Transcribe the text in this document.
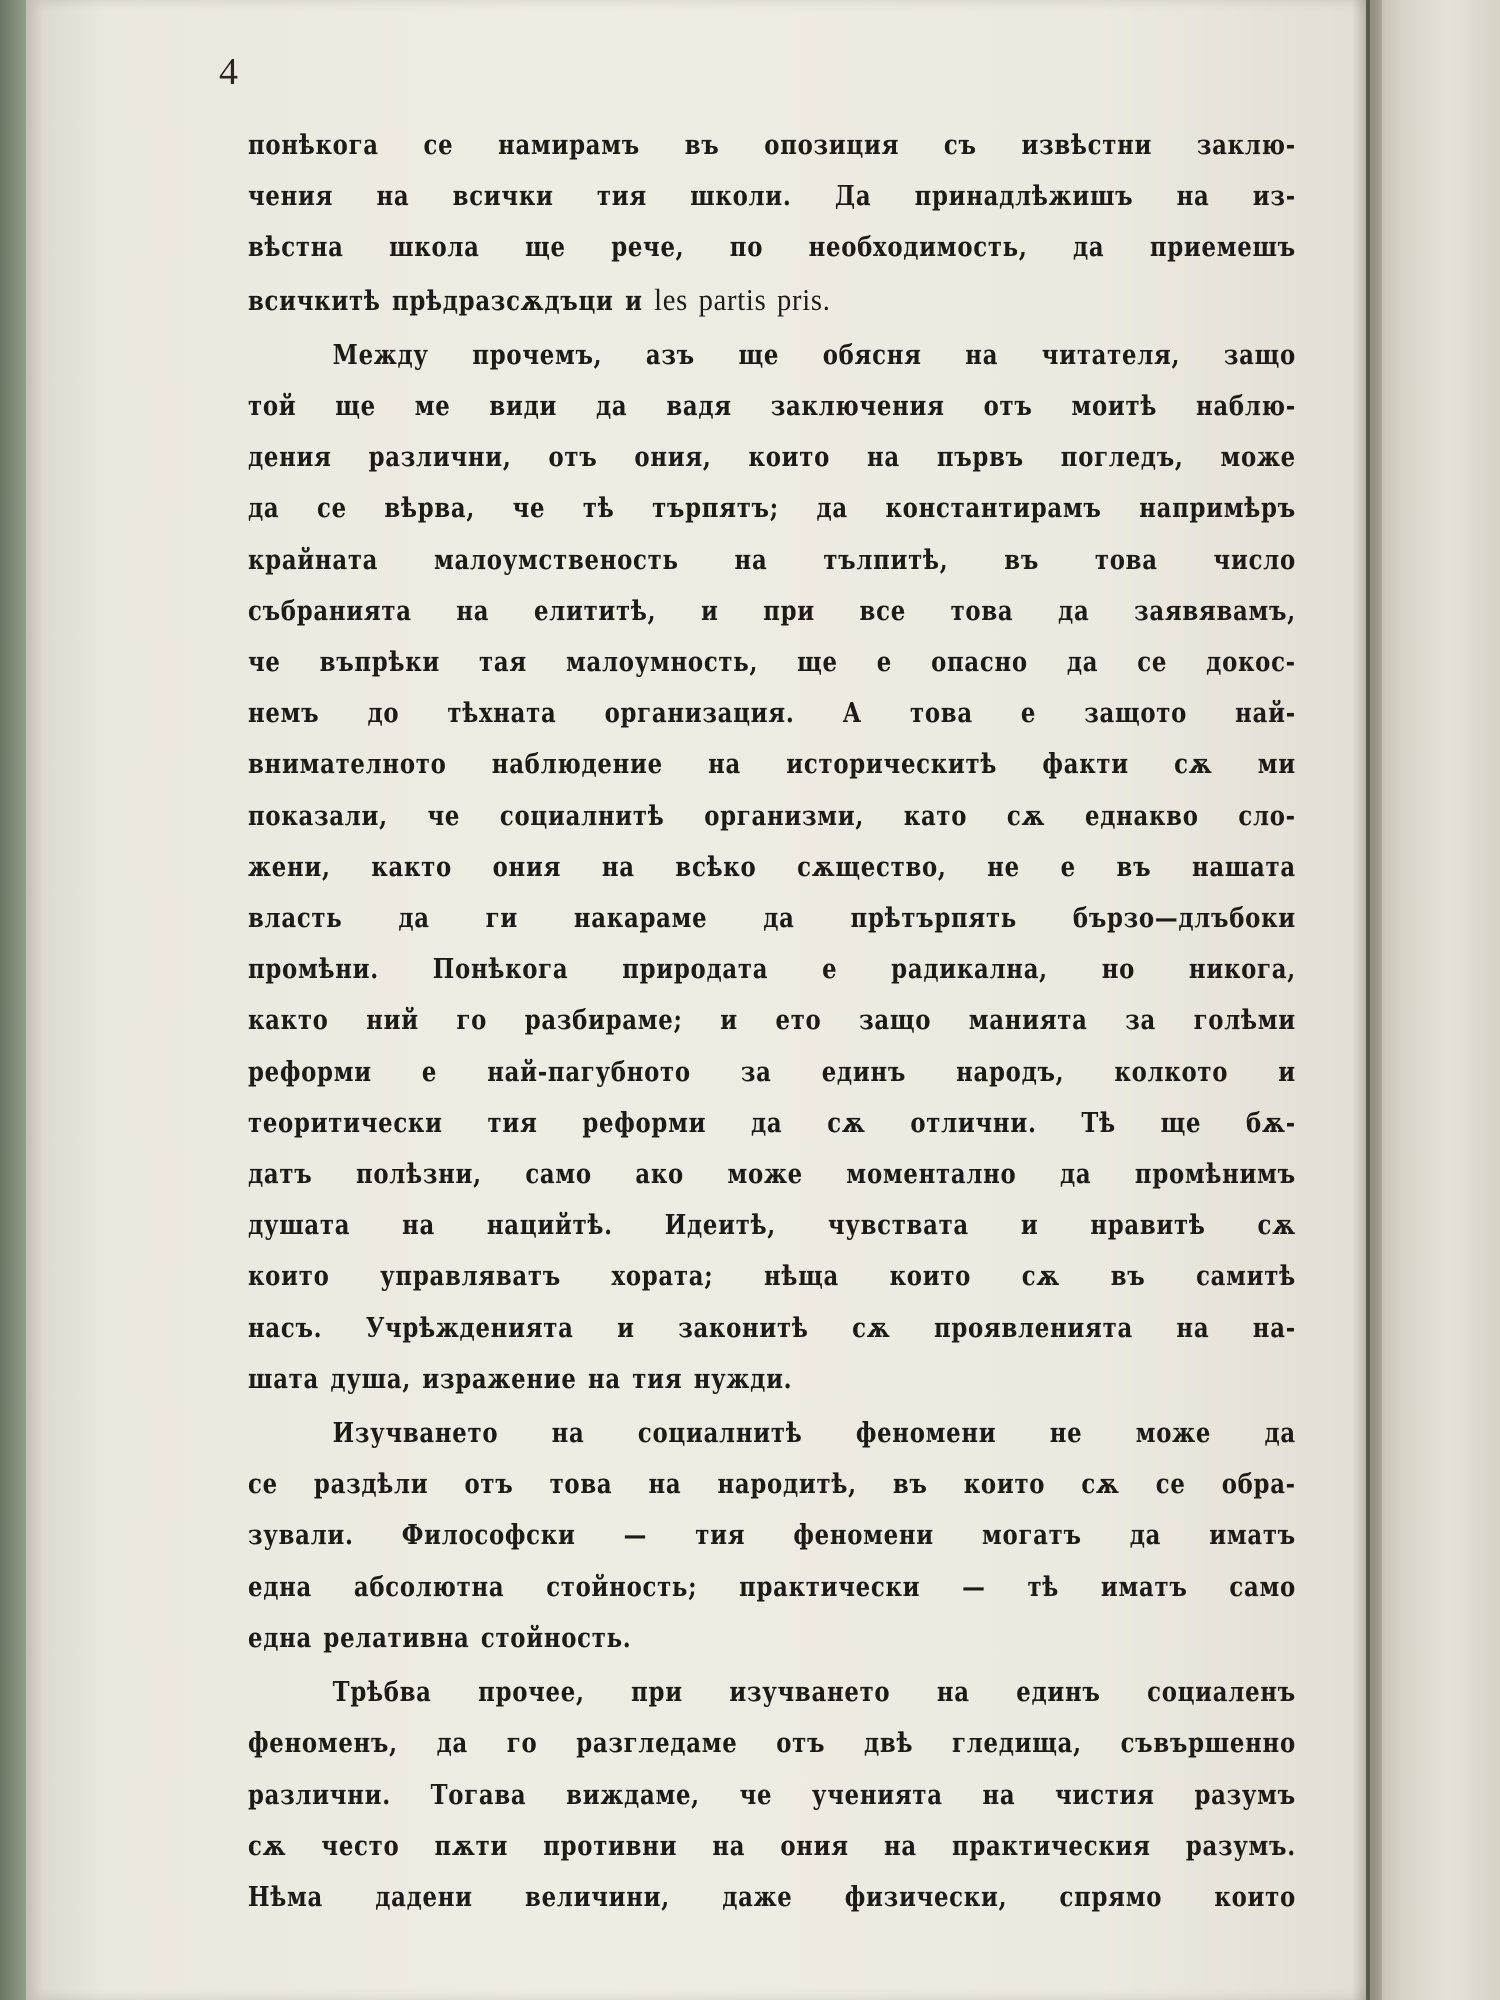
4

понѣкога се намирамъ въ опозиция съ извѣстни заклю-
чения на всички тия школи. Да принадлѣжишъ на из-
вѣстна школа ще рече, по необходимость, да приемешъ
всичкитѣ прѣдразсѫдъци и les partis pris.

Между прочемъ, азъ ще обясня на читателя, защо
той ще ме види да вадя заключения отъ моитѣ наблю-
дения различни, отъ ония, които на първъ погледъ, може
да се вѣрва, че тѣ търпятъ; да константирамъ напримѣръ
крайната малоумственость на тълпитѣ, въ това число
събранията на елититѣ, и при все това да заявявамъ,
че въпрѣки тая малоумность, ще е опасно да се докос-
немъ до тѣхната организация. А това е защото най-
внимателното наблюдение на историческитѣ факти сѫ ми
показали, че социалнитѣ организми, като сѫ еднакво сло-
жени, както ония на всѣко сѫщество, не е въ нашата
власть да ги накараме да прѣтърпять бързо—длъбоки
промѣни. Понѣкога природата е радикална, но никога,
както ний го разбираме; и ето защо манията за голѣми
реформи е най-пагубното за единъ народъ, колкото и
теоритически тия реформи да сѫ отлични. Тѣ ще бѫ-
датъ полѣзни, само ако може моментално да промѣнимъ
душата на нацийтѣ. Идеитѣ, чувствата и нравитѣ сѫ
които управляватъ хората; нѣща които сѫ въ самитѣ
насъ. Учрѣжденията и законитѣ сѫ проявленията на на-
шата душа, изражение на тия нужди.

Изучването на социалнитѣ феномени не може да
се раздѣли отъ това на народитѣ, въ които сѫ се обра-
зували. Философски — тия феномени могатъ да иматъ
една абсолютна стойность; практически — тѣ иматъ само
една релативна стойность.

Трѣбва прочее, при изучването на единъ социаленъ
феноменъ, да го разгледаме отъ двѣ гледища, съвършенно
различни. Тогава виждаме, че ученията на чистия разумъ
сѫ често пѫти противни на ония на практическия разумъ.
Нѣма дадени величини, даже физически, спрямо които
